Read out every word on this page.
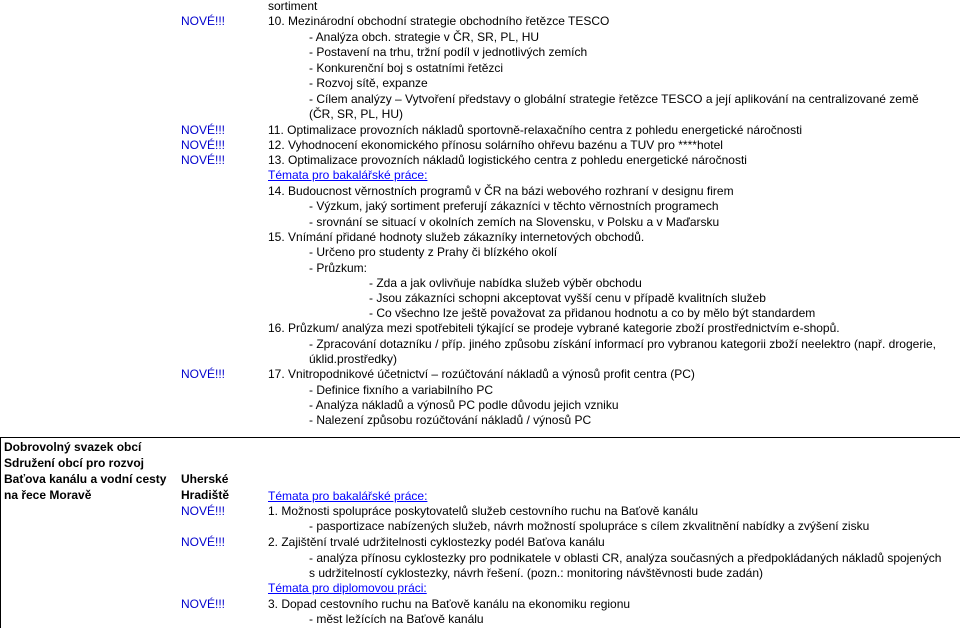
sortiment
NOVÉ!!!	10. Mezinárodní obchodní strategie obchodního řetězce TESCO
- Analýza obch. strategie v ČR, SR, PL, HU
- Postavení na trhu, tržní podíl v jednotlivých zemích
- Konkurenční boj s ostatními řetězci
- Rozvoj sítě, expanze
- Cílem analýzy – Vytvoření představy o globální strategie řetězce TESCO a její aplikování na centralizované země
(ČR, SR, PL, HU)
NOVÉ!!!	11. Optimalizace provozních nákladů sportovně-relaxačního centra z pohledu energetické náročnosti
NOVÉ!!!	12. Vyhodnocení ekonomického přínosu solárního ohřevu bazénu a TUV pro ****hotel
NOVÉ!!!	13. Optimalizace provozních nákladů logistického centra z pohledu energetické náročnosti
Témata pro bakalářské práce:
14. Budoucnost věrnostních programů v ČR na bázi webového rozhraní v designu firem
- Výzkum, jaký sortiment preferují zákazníci v těchto věrnostních programech
- srovnání se situací v okolních zemích na Slovensku, v Polsku a v Maďarsku
15. Vnímání přidané hodnoty služeb zákazníky internetových obchodů.
- Určeno pro studenty z Prahy či blízkého okolí
- Průzkum:
- Zda a jak ovlivňuje nabídka služeb výběr obchodu
- Jsou zákazníci schopni akceptovat vyšší cenu v případě kvalitních služeb
- Co všechno lze ještě považovat za přidanou hodnotu a co by mělo být standardem
16. Průzkum/ analýza mezi spotřebiteli týkající se prodeje vybrané kategorie zboží prostřednictvím e-shopů.
- Zpracování dotazníku / příp. jiného způsobu získání informací pro vybranou kategorii zboží neelektro (např. drogerie,
úklid.prostředky)
NOVÉ!!!	17. Vnitropodnikové účetnictví – rozúčtování nákladů a výnosů profit centra (PC)
- Definice fixního a variabilního PC
- Analýza nákladů a výnosů PC podle důvodu jejich vzniku
- Nalezení způsobu rozúčtování nákladů / výnosů PC
Dobrovolný svazek obcí
Sdružení obcí pro rozvoj
Baťova kanálu a vodní cesty
na řece Moravě
Uherské
Hradiště	Témata pro bakalářské práce:
NOVÉ!!!	1. Možnosti spolupráce poskytovatelů služeb cestovního ruchu na Baťově kanálu
- pasportizace nabízených služeb, návrh možností spolupráce s cílem zkvalitnění nabídky a zvýšení zisku
NOVÉ!!!	2. Zajištění trvalé udržitelnosti cyklostezky podél Baťova kanálu
- analýza přínosu cyklostezky pro podnikatele v oblasti CR, analýza současných a předpokládaných nákladů spojených
s udržitelností cyklostezky, návrh řešení. (pozn.: monitoring návštěvnosti bude zadán)
Témata pro diplomovou práci:
NOVÉ!!!	3. Dopad cestovního ruchu na Baťově kanálu na ekonomiku regionu
- měst ležících na Baťově kanálu
